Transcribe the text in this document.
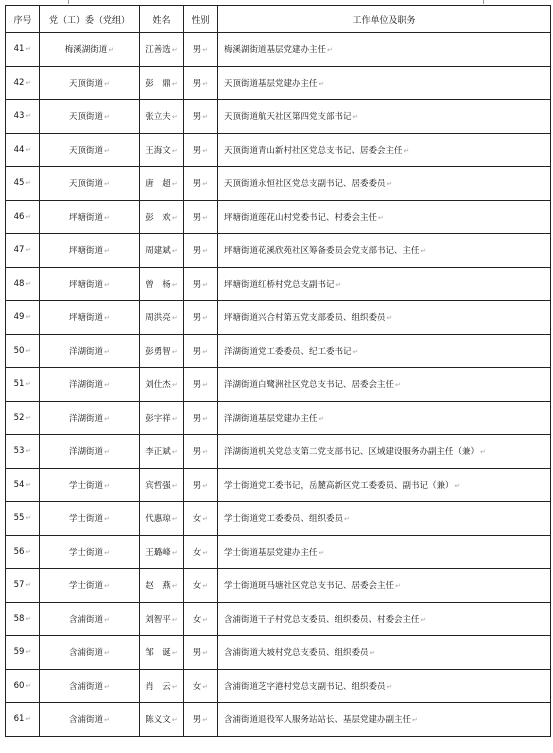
序号	党（工）委（党组）	姓名	性别	工作单位及职务
41↵	梅溪湖街道↵	江善选↵	男↵	梅溪湖街道基层党建办主任↵
42↵	天顶街道↵	彭　鼎↵	男↵	天顶街道基层党建办主任↵
43↵	天顶街道↵	张立夫↵	男↵	天顶街道航天社区第四党支部书记↵
44↵	天顶街道↵	王海文↵	男↵	天顶街道青山新村社区党总支书记、居委会主任↵
45↵	天顶街道↵	唐　超↵	男↵	天顶街道永恒社区党总支副书记、居委委员↵
46↵	坪塘街道↵	彭　欢↵	男↵	坪塘街道莲花山村党委书记、村委会主任↵
47↵	坪塘街道↵	周建斌↵	男↵	坪塘街道花溪欣苑社区筹备委员会党支部书记、主任↵
48↵	坪塘街道↵	曾　杨↵	男↵	坪塘街道红桥村党总支副书记↵
49↵	坪塘街道↵	周洪亮↵	男↵	坪塘街道兴合村第五党支部委员、组织委员↵
50↵	洋湖街道↵	彭勇智↵	男↵	洋湖街道党工委委员、纪工委书记↵
51↵	洋湖街道↵	刘仕杰↵	男↵	洋湖街道白鹭洲社区党总支书记、居委会主任↵
52↵	洋湖街道↵	彭宇祥↵	男↵	洋湖街道基层党建办主任↵
53↵	洋湖街道↵	李正斌↵	男↵	洋湖街道机关党总支第二党支部书记、区域建设服务办副主任（兼）↵
54↵	学士街道↵	宾哲强↵	男↵	学士街道党工委书记，岳麓高新区党工委委员、副书记（兼）↵
55↵	学士街道↵	代惠琼↵	女↵	学士街道党工委委员、组织委员↵
56↵	学士街道↵	王璐峰↵	女↵	学士街道基层党建办主任↵
57↵	学士街道↵	赵　燕↵	女↵	学士街道斑马塘社区党总支书记、居委会主任↵
58↵	含浦街道↵	刘智平↵	女↵	含浦街道干子村党总支委员、组织委员、村委会主任↵
59↵	含浦街道↵	邹　诞↵	男↵	含浦街道大坡村党总支委员、组织委员↵
60↵	含浦街道↵	肖　云↵	女↵	含浦街道芝字港村党总支副书记、组织委员↵
61↵	含浦街道↵	陈义文↵	男↵	含浦街道退役军人服务站站长、基层党建办副主任↵
